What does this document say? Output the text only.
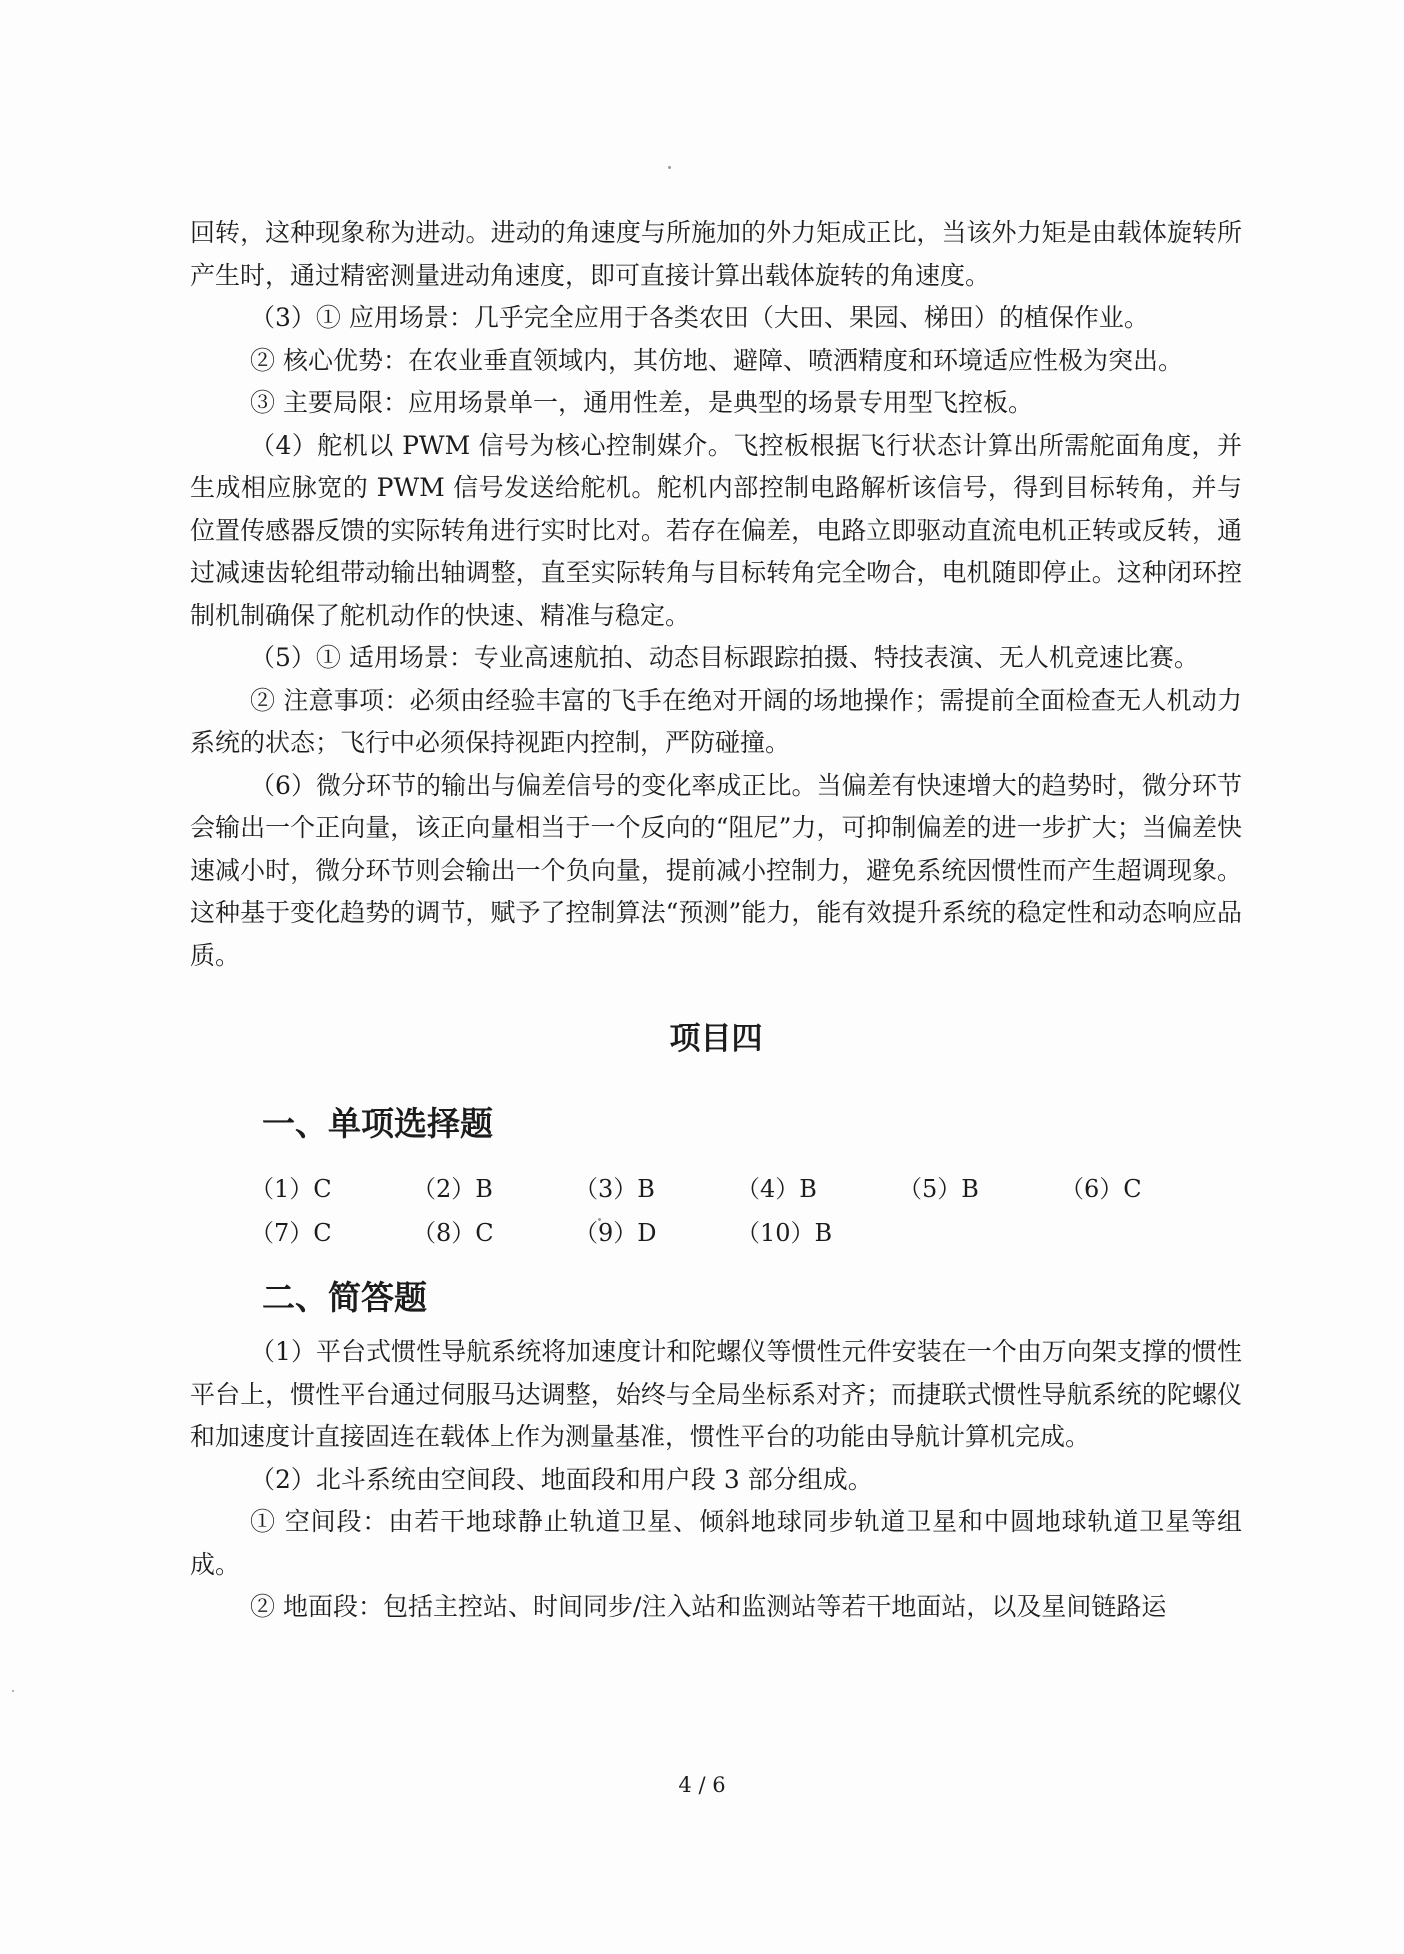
回转，这种现象称为进动。进动的角速度与所施加的外力矩成正比，当该外力矩是由载体旋转所产生时，通过精密测量进动角速度，即可直接计算出载体旋转的角速度。

（3）① 应用场景：几乎完全应用于各类农田（大田、果园、梯田）的植保作业。

② 核心优势：在农业垂直领域内，其仿地、避障、喷洒精度和环境适应性极为突出。

③ 主要局限：应用场景单一，通用性差，是典型的场景专用型飞控板。

（4）舵机以 PWM 信号为核心控制媒介。飞控板根据飞行状态计算出所需舵面角度，并生成相应脉宽的 PWM 信号发送给舵机。舵机内部控制电路解析该信号，得到目标转角，并与位置传感器反馈的实际转角进行实时比对。若存在偏差，电路立即驱动直流电机正转或反转，通过减速齿轮组带动输出轴调整，直至实际转角与目标转角完全吻合，电机随即停止。这种闭环控制机制确保了舵机动作的快速、精准与稳定。

（5）① 适用场景：专业高速航拍、动态目标跟踪拍摄、特技表演、无人机竞速比赛。

② 注意事项：必须由经验丰富的飞手在绝对开阔的场地操作；需提前全面检查无人机动力系统的状态；飞行中必须保持视距内控制，严防碰撞。

（6）微分环节的输出与偏差信号的变化率成正比。当偏差有快速增大的趋势时，微分环节会输出一个正向量，该正向量相当于一个反向的“阻尼”力，可抑制偏差的进一步扩大；当偏差快速减小时，微分环节则会输出一个负向量，提前减小控制力，避免系统因惯性而产生超调现象。这种基于变化趋势的调节，赋予了控制算法“预测”能力，能有效提升系统的稳定性和动态响应品质。

项目四
一、单项选择题
（1）C	（2）B	（3）B	（4）B	（5）B	（6）C
（7）C	（8）C	（9）D	（10）B
二、简答题

（1）平台式惯性导航系统将加速度计和陀螺仪等惯性元件安装在一个由万向架支撑的惯性平台上，惯性平台通过伺服马达调整，始终与全局坐标系对齐；而捷联式惯性导航系统的陀螺仪和加速度计直接固连在载体上作为测量基准，惯性平台的功能由导航计算机完成。

（2）北斗系统由空间段、地面段和用户段 3 部分组成。

① 空间段：由若干地球静止轨道卫星、倾斜地球同步轨道卫星和中圆地球轨道卫星等组成。

② 地面段：包括主控站、时间同步/注入站和监测站等若干地面站，以及星间链路运

4 / 6
